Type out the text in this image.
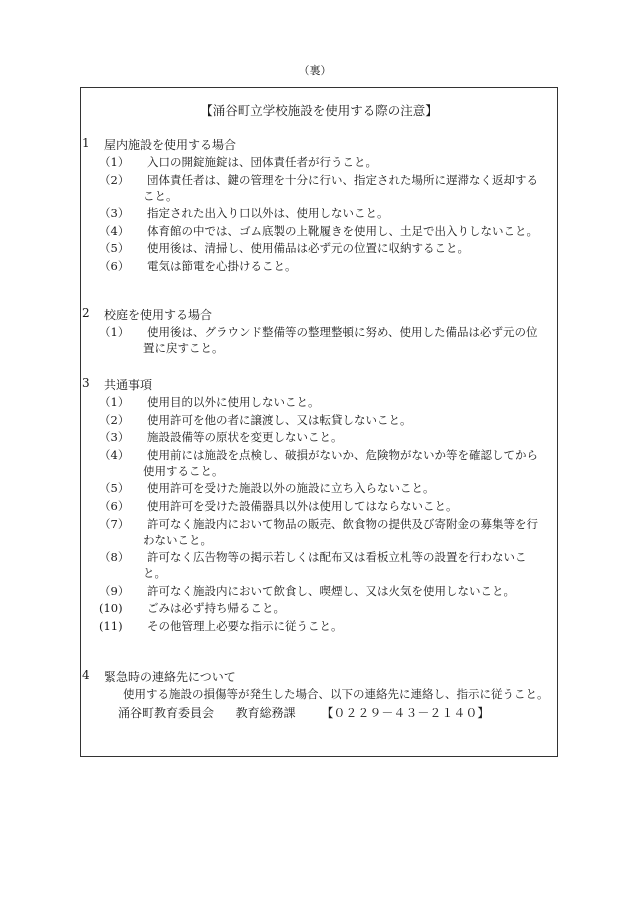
（裏）
【涌谷町立学校施設を使用する際の注意】
1 屋内施設を使用する場合
（1）	入口の開錠施錠は、団体責任者が行うこと。
（2）	団体責任者は、鍵の管理を十分に行い、指定された場所に遅滞なく返却すること。
（3）	指定された出入り口以外は、使用しないこと。
（4）	体育館の中では、ゴム底製の上靴履きを使用し、土足で出入りしないこと。
（5）	使用後は、清掃し、使用備品は必ず元の位置に収納すること。
（6）	電気は節電を心掛けること。
2 校庭を使用する場合
（1）	使用後は、グラウンド整備等の整理整頓に努め、使用した備品は必ず元の位置に戻すこと。
3 共通事項
（1）	使用目的以外に使用しないこと。
（2）	使用許可を他の者に譲渡し、又は転貸しないこと。
（3）	施設設備等の原状を変更しないこと。
（4）	使用前には施設を点検し、破損がないか、危険物がないか等を確認してから使用すること。
（5）	使用許可を受けた施設以外の施設に立ち入らないこと。
（6）	使用許可を受けた設備器具以外は使用してはならないこと。
（7）	許可なく施設内において物品の販売、飲食物の提供及び寄附金の募集等を行わないこと。
（8）	許可なく広告物等の掲示若しくは配布又は看板立札等の設置を行わないこと。
（9）	許可なく施設内において飲食し、喫煙し、又は火気を使用しないこと。
(10)	ごみは必ず持ち帰ること。
(11)	その他管理上必要な指示に従うこと。
4 緊急時の連絡先について
使用する施設の損傷等が発生した場合、以下の連絡先に連絡し、指示に従うこと。
涌谷町教育委員会 教育総務課 【０２２９－４３－２１４０】
